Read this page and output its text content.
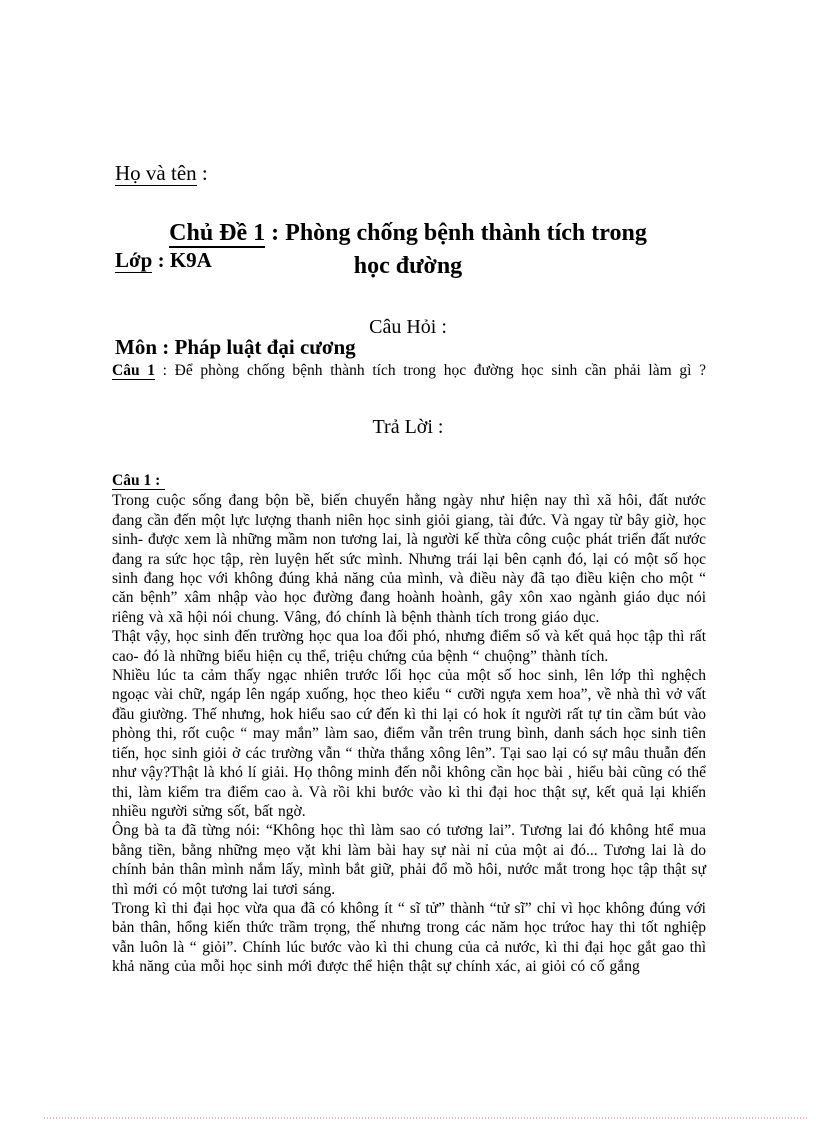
Họ và tên :

Lớp : K9A

Môn : Pháp luật đại cương

Chủ Đề 1 : Phòng chống bệnh thành tích trong
học đường
Câu Hỏi :

Câu 1 : Để phòng chống bệnh thành tích trong học đường học sinh cần phải làm gì ?

Trả Lời :
Câu 1 :

Trong cuộc sống đang bộn bề, biến chuyển hằng ngày như hiện nay thì xã hôi, đất nước đang cần đến một lực lượng thanh niên học sinh giỏi giang, tài đức. Và ngay từ bây giờ, học sinh- được xem là những mầm non tương lai, là người kế thừa công cuộc phát triển đất nước đang ra sức học tập, rèn luyện hết sức mình. Nhưng trái lại bên cạnh đó, lại có một số học sinh đang học với không đúng khả năng của mình, và điều này đã tạo điều kiện cho một “ căn bệnh” xâm nhập vào học đường đang hoành hoành, gây xôn xao ngành giáo dục nói riêng và xã hội nói chung. Vâng, đó chính là bệnh thành tích trong giáo dục.

Thật vậy, học sinh đến trường học qua loa đối phó, nhưng điểm số và kết quả học tập thì rất cao- đó là những biểu hiện cụ thể, triệu chứng của bệnh “ chuộng” thành tích.

Nhiều lúc ta cảm thấy ngạc nhiên trước lối học của một số hoc sinh, lên lớp thì nghệch ngoạc vài chữ, ngáp lên ngáp xuống, học theo kiểu “ cưỡi ngựa xem hoa”, về nhà thì vở vất đầu giường. Thế nhưng, hok hiểu sao cứ đến kì thi lại có hok ít người rất tự tin cầm bút vào phòng thi, rốt cuộc “ may mắn” làm sao, điểm vẫn trên trung bình, danh sách học sinh tiên tiến, học sinh giỏi ở các trường vẫn “ thừa thắng xông lên”. Tại sao lại có sự mâu thuẫn đến như vậy?Thật là khó lí giải. Họ thông minh đến nỗi không cần học bài , hiểu bài cũng có thể thi, làm kiểm tra điểm cao à. Và rồi khi bước vào kì thi đại hoc thật sự, kết quả lại khiến nhiều người sửng sốt, bất ngờ.

Ông bà ta đã từng nói: “Không học thì làm sao có tương lai”. Tương lai đó không htể mua bằng tiền, bằng những mẹo vặt khi làm bài hay sự nài nỉ của một ai đó... Tương lai là do chính bản thân mình nắm lấy, mình bắt giữ, phải đổ mồ hôi, nước mắt trong học tập thật sự thì mới có một tương lai tươi sáng.

Trong kì thi đại học vừa qua đã có không ít “ sĩ tử” thành “tử sĩ” chỉ vì học không đúng với bản thân, hổng kiến thức trầm trọng, thế nhưng trong các năm học trứoc hay thi tốt nghiệp vẫn luôn là “ giỏi”. Chính lúc bước vào kì thi chung của cả nước, kì thi đại học gắt gao thì khả năng của mỗi học sinh mới được thể hiện thật sự chính xác, ai giỏi có cố gắng
